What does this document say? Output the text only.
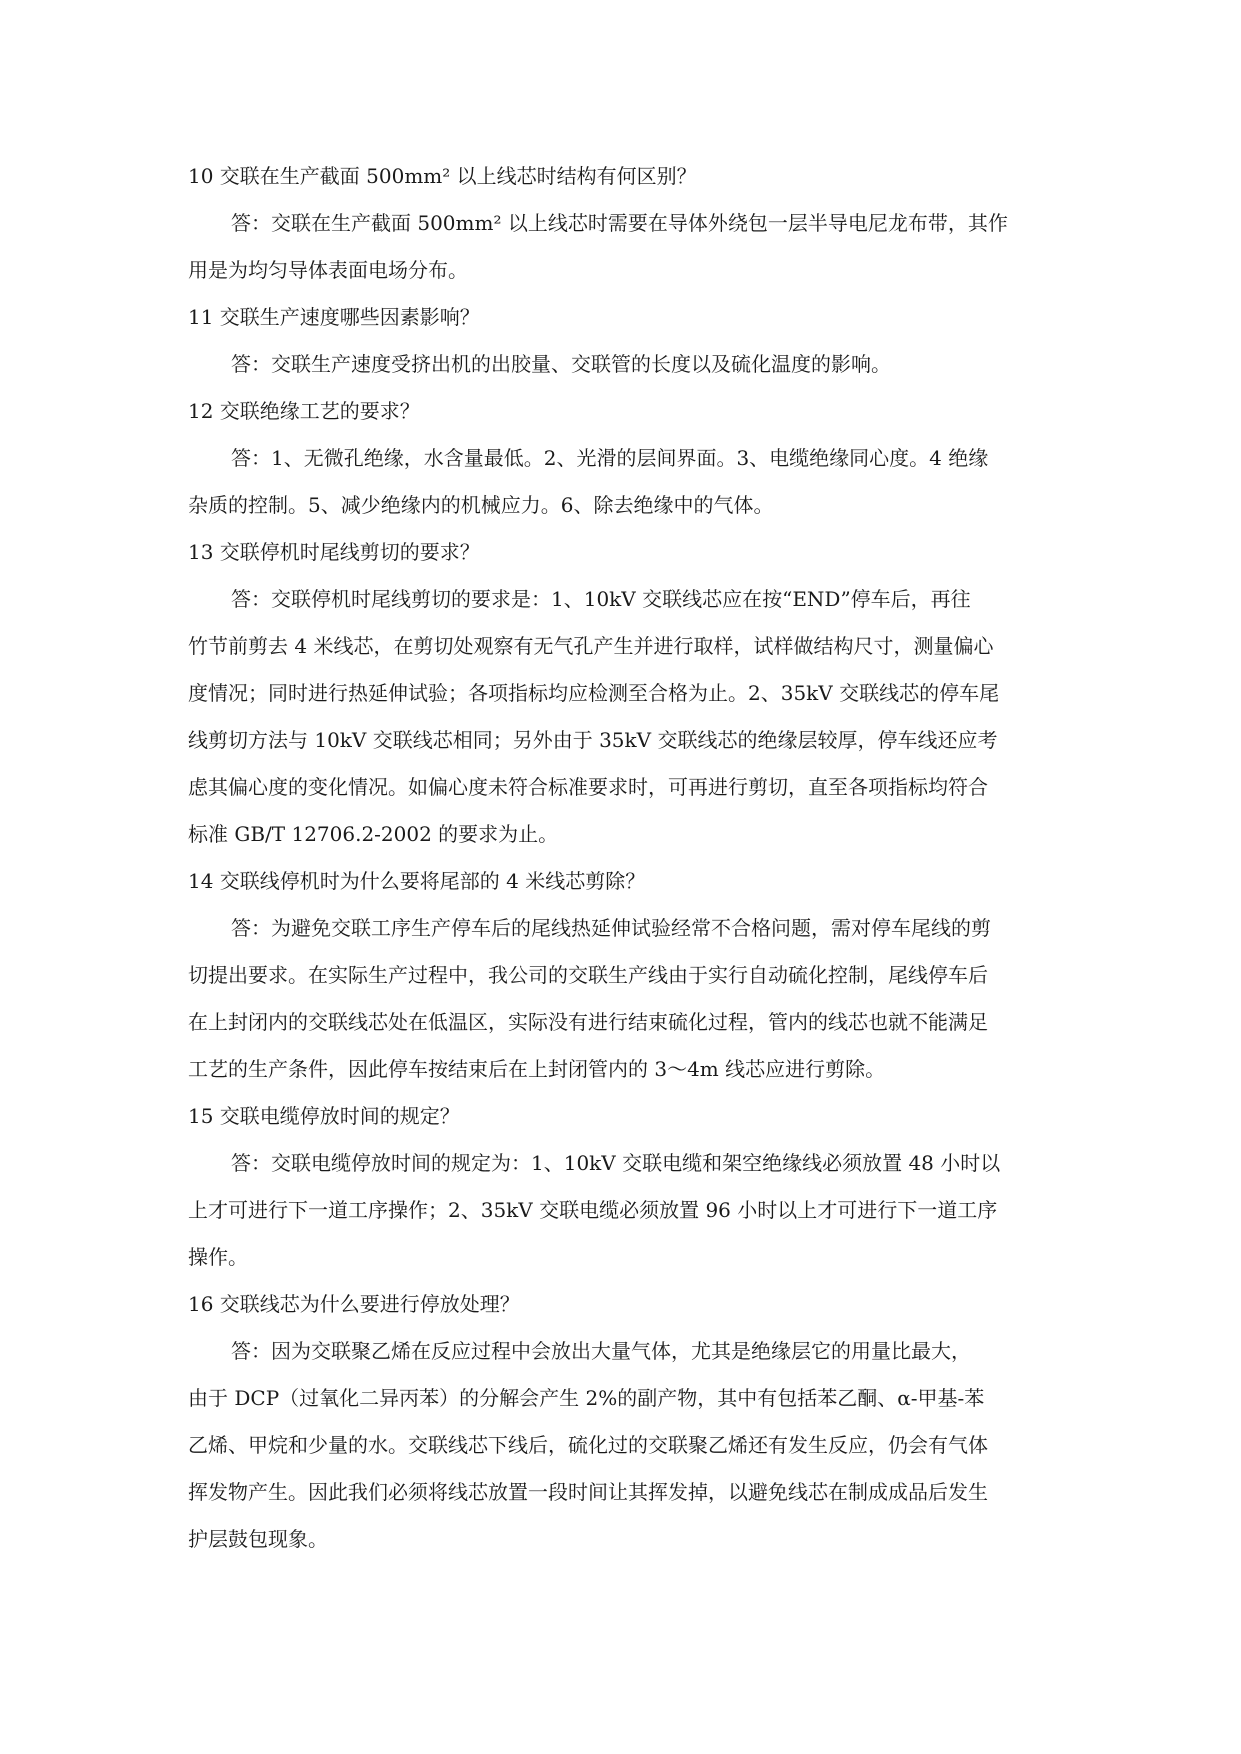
10 交联在生产截面 500mm² 以上线芯时结构有何区别？

答：交联在生产截面 500mm² 以上线芯时需要在导体外绕包一层半导电尼龙布带，其作

用是为均匀导体表面电场分布。

11 交联生产速度哪些因素影响？

答：交联生产速度受挤出机的出胶量、交联管的长度以及硫化温度的影响。

12 交联绝缘工艺的要求？

答：1、无微孔绝缘，水含量最低。2、光滑的层间界面。3、电缆绝缘同心度。4 绝缘

杂质的控制。5、减少绝缘内的机械应力。6、除去绝缘中的气体。

13 交联停机时尾线剪切的要求？

答：交联停机时尾线剪切的要求是：1、10kV 交联线芯应在按“END”停车后，再往

竹节前剪去 4 米线芯，在剪切处观察有无气孔产生并进行取样，试样做结构尺寸，测量偏心

度情况；同时进行热延伸试验；各项指标均应检测至合格为止。2、35kV 交联线芯的停车尾

线剪切方法与 10kV 交联线芯相同；另外由于 35kV 交联线芯的绝缘层较厚，停车线还应考

虑其偏心度的变化情况。如偏心度未符合标准要求时，可再进行剪切，直至各项指标均符合

标准 GB/T 12706.2-2002 的要求为止。

14 交联线停机时为什么要将尾部的 4 米线芯剪除？

答：为避免交联工序生产停车后的尾线热延伸试验经常不合格问题，需对停车尾线的剪

切提出要求。在实际生产过程中，我公司的交联生产线由于实行自动硫化控制，尾线停车后

在上封闭内的交联线芯处在低温区，实际没有进行结束硫化过程，管内的线芯也就不能满足

工艺的生产条件，因此停车按结束后在上封闭管内的 3～4m 线芯应进行剪除。

15 交联电缆停放时间的规定？

答：交联电缆停放时间的规定为：1、10kV 交联电缆和架空绝缘线必须放置 48 小时以

上才可进行下一道工序操作；2、35kV 交联电缆必须放置 96 小时以上才可进行下一道工序

操作。

16 交联线芯为什么要进行停放处理？

答：因为交联聚乙烯在反应过程中会放出大量气体，尤其是绝缘层它的用量比最大，

由于 DCP（过氧化二异丙苯）的分解会产生 2%的副产物，其中有包括苯乙酮、α-甲基-苯

乙烯、甲烷和少量的水。交联线芯下线后，硫化过的交联聚乙烯还有发生反应，仍会有气体

挥发物产生。因此我们必须将线芯放置一段时间让其挥发掉，以避免线芯在制成成品后发生

护层鼓包现象。
